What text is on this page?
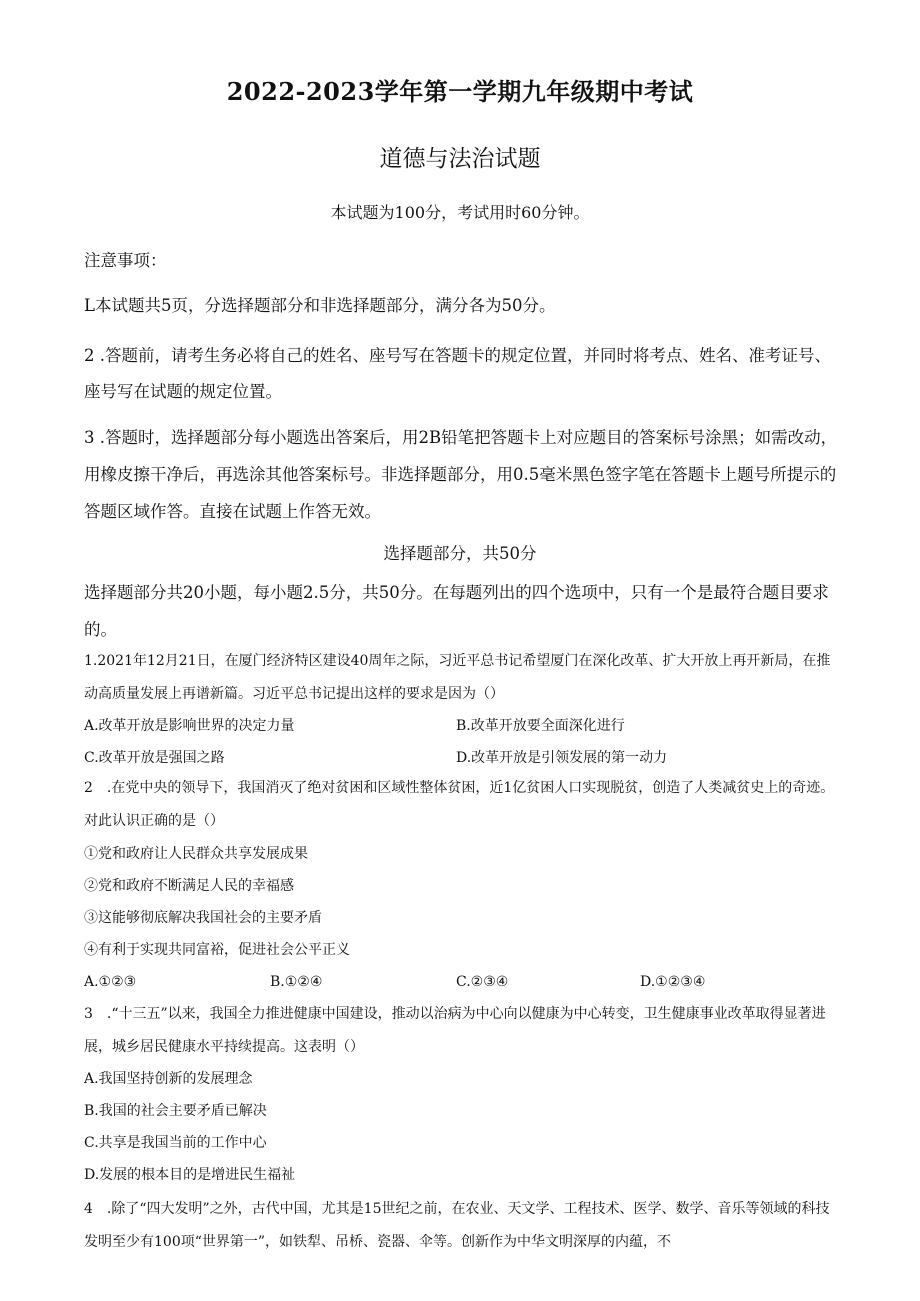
2022-2023学年第一学期九年级期中考试
道德与法治试题
本试题为100分，考试用时60分钟。
注意事项：
L本试题共5页，分选择题部分和非选择题部分，满分各为50分。
2 .答题前，请考生务必将自己的姓名、座号写在答题卡的规定位置，并同时将考点、姓名、准考证号、座号写在试题的规定位置。
3 .答题时，选择题部分每小题选出答案后，用2B铅笔把答题卡上对应题目的答案标号涂黑；如需改动，用橡皮擦干净后，再选涂其他答案标号。非选择题部分，用0.5毫米黑色签字笔在答题卡上题号所提示的答题区域作答。直接在试题上作答无效。
选择题部分，共50分
选择题部分共20小题，每小题2.5分，共50分。在每题列出的四个选项中，只有一个是最符合题目要求的。
1.2021年12月21日，在厦门经济特区建设40周年之际，习近平总书记希望厦门在深化改革、扩大开放上再开新局，在推动高质量发展上再谱新篇。习近平总书记提出这样的要求是因为（）
A.改革开放是影响世界的决定力量	B.改革开放要全面深化进行
C.改革开放是强国之路	D.改革开放是引领发展的第一动力
2　.在党中央的领导下，我国消灭了绝对贫困和区域性整体贫困，近1亿贫困人口实现脱贫，创造了人类减贫史上的奇迹。对此认识正确的是（）
①党和政府让人民群众共享发展成果
②党和政府不断满足人民的幸福感
③这能够彻底解决我国社会的主要矛盾
④有利于实现共同富裕，促进社会公平正义
A.①②③	B.①②④	C.②③④	D.①②③④
3　.“十三五”以来，我国全力推进健康中国建设，推动以治病为中心向以健康为中心转变，卫生健康事业改革取得显著进展，城乡居民健康水平持续提高。这表明（）
A.我国坚持创新的发展理念
B.我国的社会主要矛盾已解决
C.共享是我国当前的工作中心
D.发展的根本目的是增进民生福祉
4　.除了“四大发明”之外，古代中国，尤其是15世纪之前，在农业、天文学、工程技术、医学、数学、音乐等领域的科技发明至少有100项“世界第一”，如铁犁、吊桥、瓷器、伞等。创新作为中华文明深厚的内蕴，不
